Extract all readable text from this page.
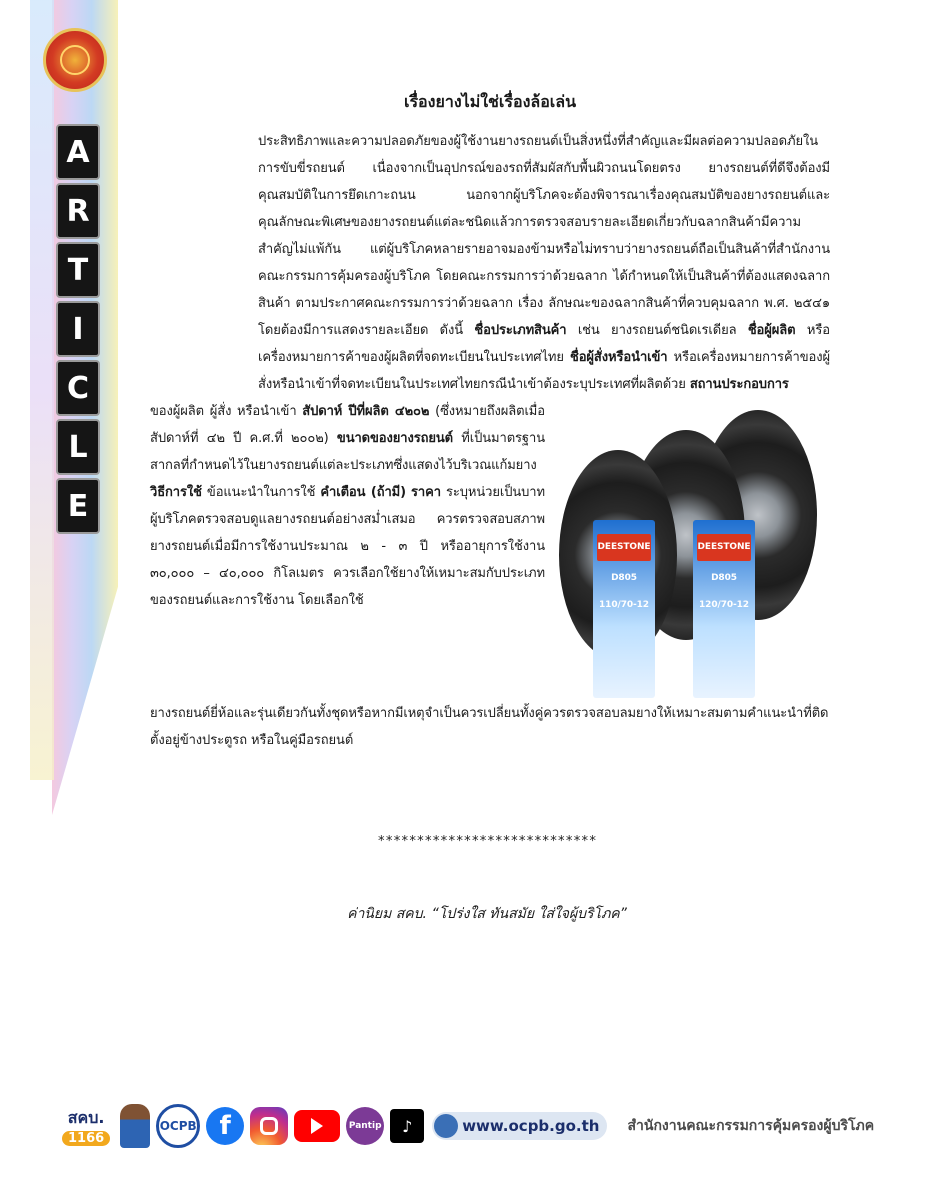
A
R
T
I
C
L
E
เรื่องยางไม่ใช่เรื่องล้อเล่น

ประสิทธิภาพและความปลอดภัยของผู้ใช้งานยางรถยนต์เป็นสิ่งหนึ่งที่สำคัญและมีผลต่อความปลอดภัยในการขับขี่รถยนต์ เนื่องจากเป็นอุปกรณ์ของรถที่สัมผัสกับพื้นผิวถนนโดยตรง ยางรถยนต์ที่ดีจึงต้องมีคุณสมบัติในการยึดเกาะถนน นอกจากผู้บริโภคจะต้องพิจารณาเรื่องคุณสมบัติของยางรถยนต์และคุณลักษณะพิเศษของยางรถยนต์แต่ละชนิดแล้วการตรวจสอบรายละเอียดเกี่ยวกับฉลากสินค้ามีความสำคัญไม่แพ้กัน แต่ผู้บริโภคหลายรายอาจมองข้ามหรือไม่ทราบว่ายางรถยนต์ถือเป็นสินค้าที่สำนักงานคณะกรรมการคุ้มครองผู้บริโภค โดยคณะกรรมการว่าด้วยฉลาก ได้กำหนดให้เป็นสินค้าที่ต้องแสดงฉลากสินค้า ตามประกาศคณะกรรมการว่าด้วยฉลาก เรื่อง ลักษณะของฉลากสินค้าที่ควบคุมฉลาก พ.ศ. ๒๕๔๑ โดยต้องมีการแสดงรายละเอียด ดังนี้ ชื่อประเภทสินค้า เช่น ยางรถยนต์ชนิดเรเดียล ชื่อผู้ผลิต หรือเครื่องหมายการค้าของผู้ผลิตที่จดทะเบียนในประเทศไทย ชื่อผู้สั่งหรือนำเข้า หรือเครื่องหมายการค้าของผู้สั่งหรือนำเข้าที่จดทะเบียนในประเทศไทยกรณีนำเข้าต้องระบุประเทศที่ผลิตด้วย สถานประกอบการ

ของผู้ผลิต ผู้สั่ง หรือนำเข้า สัปดาห์ ปีที่ผลิต ๔๒๐๒ (ซึ่งหมายถึงผลิตเมื่อ สัปดาห์ที่ ๔๒ ปี ค.ศ.ที่ ๒๐๐๒) ขนาดของยางรถยนต์ ที่เป็นมาตรฐานสากลที่กำหนดไว้ในยางรถยนต์แต่ละประเภทซึ่งแสดงไว้บริเวณแก้มยาง วิธีการใช้ ข้อแนะนำในการใช้ คำเตือน (ถ้ามี) ราคา ระบุหน่วยเป็นบาท ผู้บริโภคตรวจสอบดูแลยางรถยนต์อย่างสม่ำเสมอ ควรตรวจสอบสภาพยางรถยนต์เมื่อมีการใช้งานประมาณ ๒ - ๓ ปี หรืออายุการใช้งาน ๓๐,๐๐๐ – ๔๐,๐๐๐ กิโลเมตร ควรเลือกใช้ยางให้เหมาะสมกับประเภทของรถยนต์และการใช้งาน โดยเลือกใช้

DEESTONE
D805
110/70-12
DEESTONE
D805
120/70-12

ยางรถยนต์ยี่ห้อและรุ่นเดียวกันทั้งชุดหรือหากมีเหตุจำเป็นควรเปลี่ยนทั้งคู่ควรตรวจสอบลมยางให้เหมาะสมตามคำแนะนำที่ติดตั้งอยู่ข้างประตูรถ หรือในคู่มือรถยนต์

****************************
ค่านิยม สคบ. “โปร่งใส ทันสมัย ใส่ใจผู้บริโภค”
สคบ.
1166
OCPB f	Pantip	♪	www.ocpb.go.th สำนักงานคณะกรรมการคุ้มครองผู้บริโภค
